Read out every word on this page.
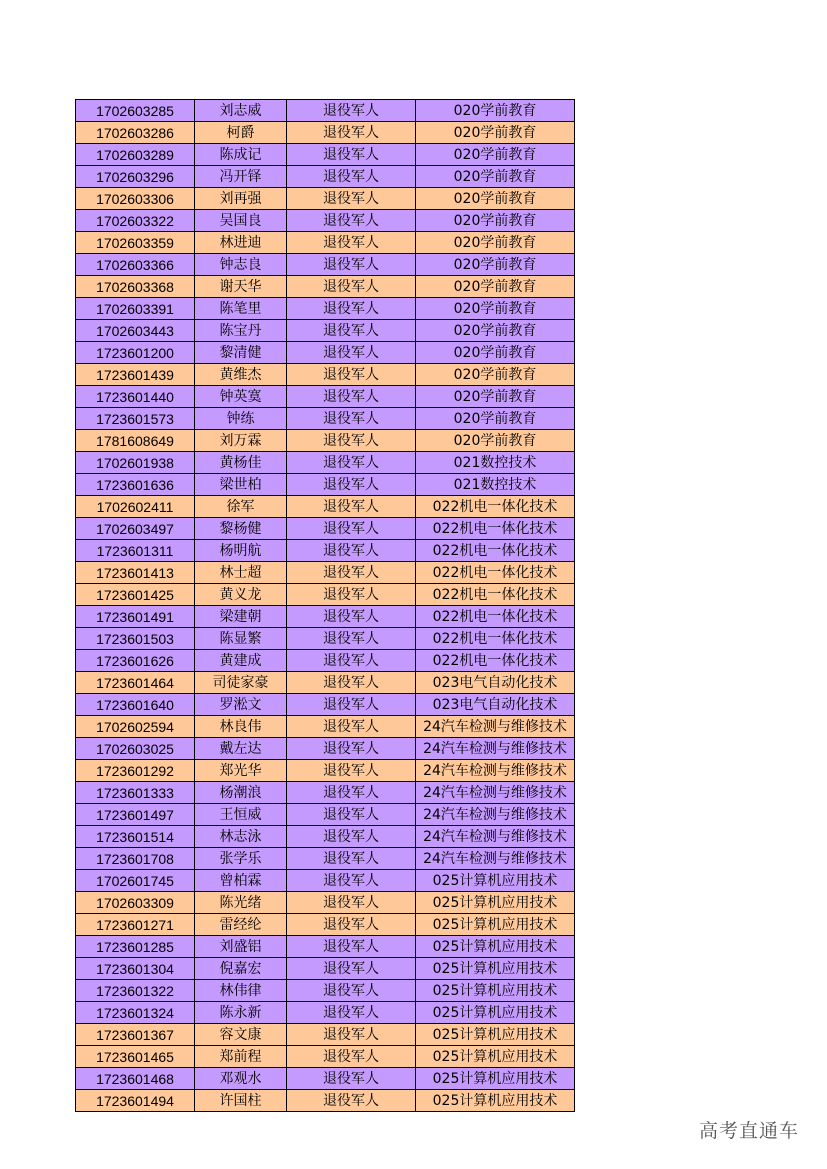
1702603285	刘志威	退役军人	020学前教育
1702603286	柯爵	退役军人	020学前教育
1702603289	陈成记	退役军人	020学前教育
1702603296	冯开铎	退役军人	020学前教育
1702603306	刘再强	退役军人	020学前教育
1702603322	吴国良	退役军人	020学前教育
1702603359	林进迪	退役军人	020学前教育
1702603366	钟志良	退役军人	020学前教育
1702603368	谢天华	退役军人	020学前教育
1702603391	陈笔里	退役军人	020学前教育
1702603443	陈宝丹	退役军人	020学前教育
1723601200	黎清健	退役军人	020学前教育
1723601439	黄维杰	退役军人	020学前教育
1723601440	钟英寞	退役军人	020学前教育
1723601573	钟练	退役军人	020学前教育
1781608649	刘万霖	退役军人	020学前教育
1702601938	黄杨佳	退役军人	021数控技术
1723601636	梁世柏	退役军人	021数控技术
1702602411	徐军	退役军人	022机电一体化技术
1702603497	黎杨健	退役军人	022机电一体化技术
1723601311	杨明航	退役军人	022机电一体化技术
1723601413	林士超	退役军人	022机电一体化技术
1723601425	黄义龙	退役军人	022机电一体化技术
1723601491	梁建朝	退役军人	022机电一体化技术
1723601503	陈显繁	退役军人	022机电一体化技术
1723601626	黄建成	退役军人	022机电一体化技术
1723601464	司徒家豪	退役军人	023电气自动化技术
1723601640	罗淞文	退役军人	023电气自动化技术
1702602594	林良伟	退役军人	24汽车检测与维修技术
1702603025	戴左达	退役军人	24汽车检测与维修技术
1723601292	郑光华	退役军人	24汽车检测与维修技术
1723601333	杨潮浪	退役军人	24汽车检测与维修技术
1723601497	王恒威	退役军人	24汽车检测与维修技术
1723601514	林志泳	退役军人	24汽车检测与维修技术
1723601708	张学乐	退役军人	24汽车检测与维修技术
1702601745	曾柏霖	退役军人	025计算机应用技术
1702603309	陈光绪	退役军人	025计算机应用技术
1723601271	雷经纶	退役军人	025计算机应用技术
1723601285	刘盛铝	退役军人	025计算机应用技术
1723601304	倪嘉宏	退役军人	025计算机应用技术
1723601322	林伟律	退役军人	025计算机应用技术
1723601324	陈永新	退役军人	025计算机应用技术
1723601367	容文康	退役军人	025计算机应用技术
1723601465	郑前程	退役军人	025计算机应用技术
1723601468	邓观水	退役军人	025计算机应用技术
1723601494	许国柱	退役军人	025计算机应用技术
高考直通车
